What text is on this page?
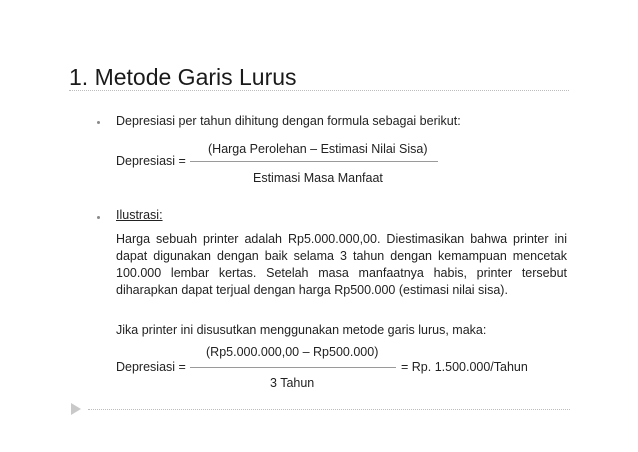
1. Metode Garis Lurus
Depresiasi per tahun dihitung dengan formula sebagai berikut:
(Harga Perolehan – Estimasi Nilai Sisa)
Depresiasi =
Estimasi Masa Manfaat
Ilustrasi:
Harga sebuah printer adalah Rp5.000.000,00. Diestimasikan bahwa printer ini dapat digunakan dengan baik selama 3 tahun dengan kemampuan mencetak 100.000 lembar kertas. Setelah masa manfaatnya habis, printer tersebut diharapkan dapat terjual dengan harga Rp500.000 (estimasi nilai sisa).
Jika printer ini disusutkan menggunakan metode garis lurus, maka:
(Rp5.000.000,00 – Rp500.000)
Depresiasi =	= Rp. 1.500.000/Tahun
3 Tahun
